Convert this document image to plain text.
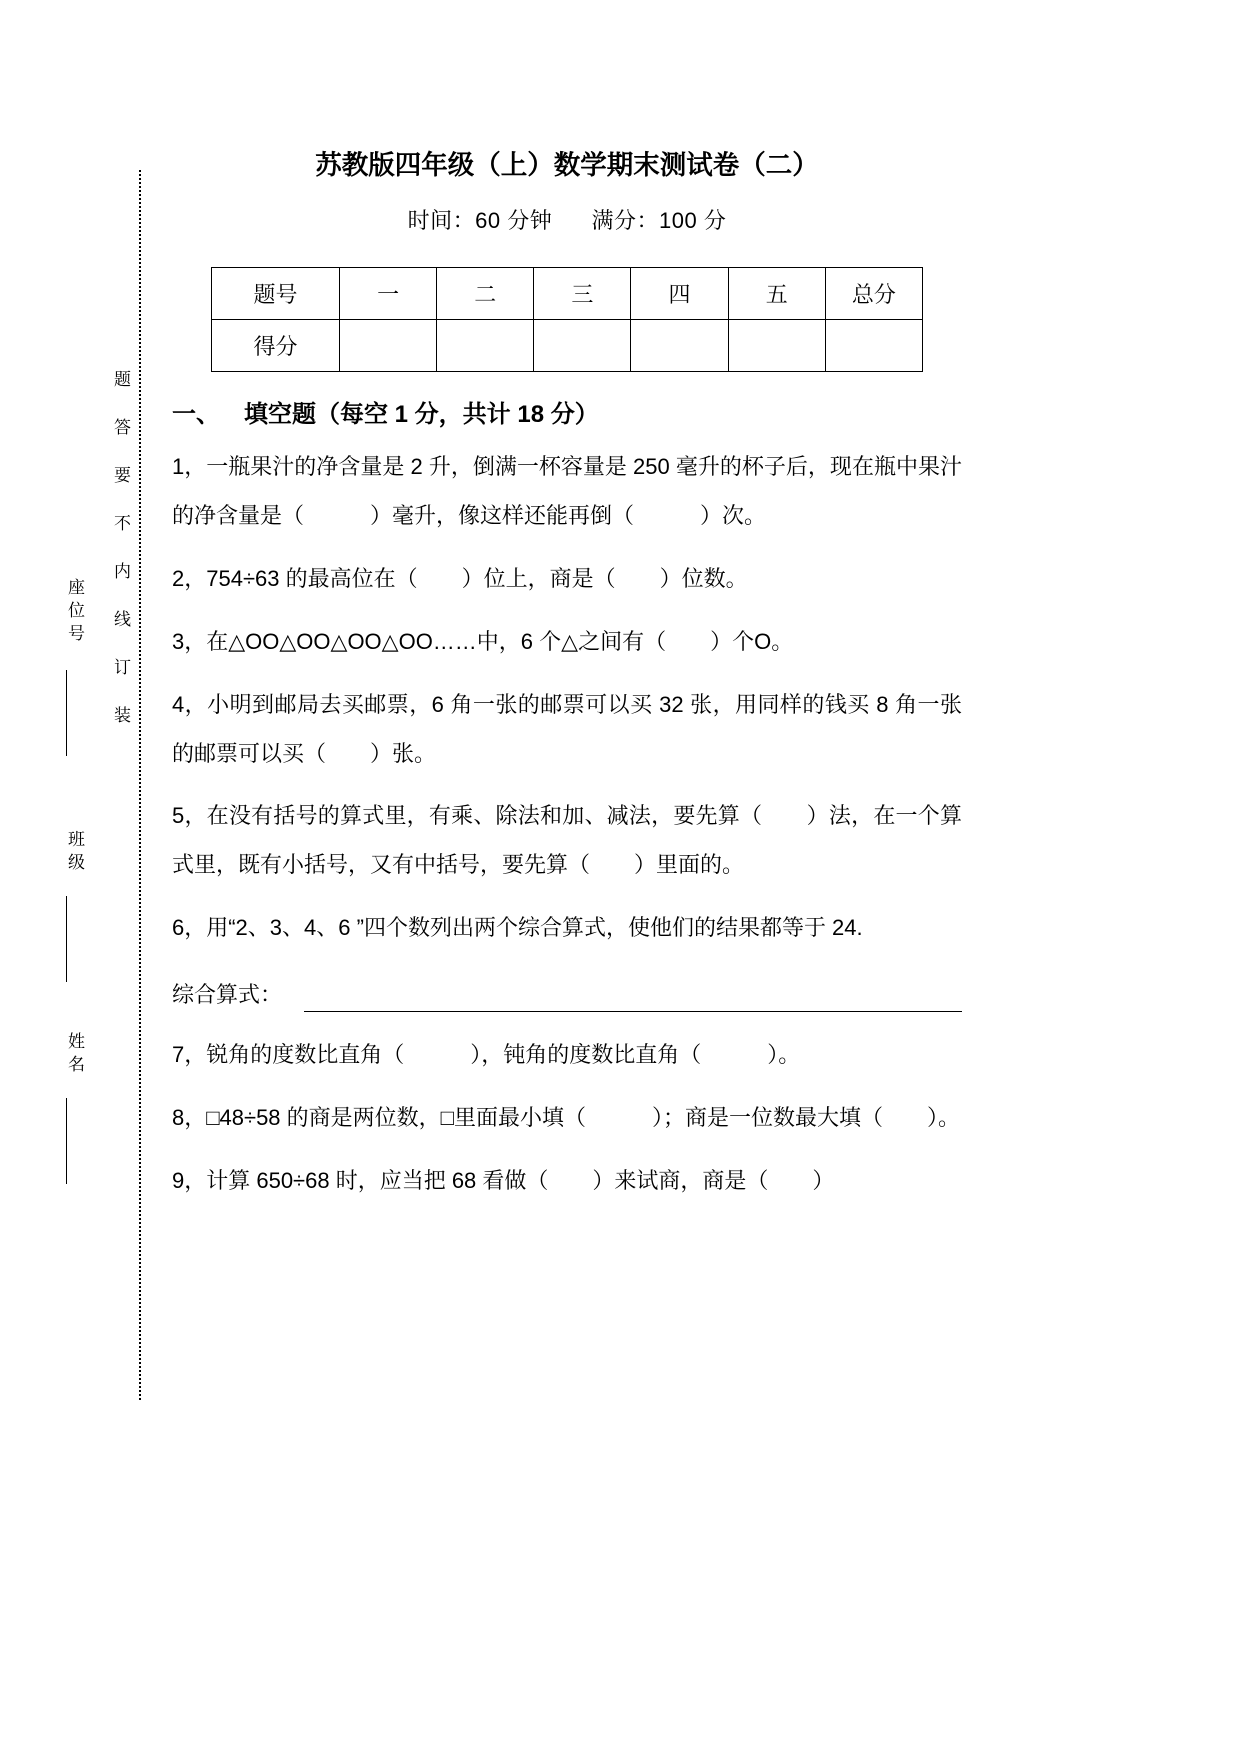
题 答 要 不 内 线 订 装
座位号
班级
姓名
苏教版四年级（上）数学期末测试卷（二）
时间：60 分钟 满分：100 分
题号	一	二	三	四	五	总分
得分						
一、 填空题（每空 1 分，共计 18 分）

1，一瓶果汁的净含量是 2 升，倒满一杯容量是 250 毫升的杯子后，现在瓶中果汁的净含量是（　　　）毫升，像这样还能再倒（　　　）次。

2，754÷63 的最高位在（　　）位上，商是（　　）位数。

3，在△OO△OO△OO△OO……中，6 个△之间有（　　）个O。

4，小明到邮局去买邮票，6 角一张的邮票可以买 32 张，用同样的钱买 8 角一张的邮票可以买（　　）张。

5，在没有括号的算式里，有乘、除法和加、减法，要先算（　　）法，在一个算式里，既有小括号，又有中括号，要先算（　　）里面的。

6，用“2、3、4、6 ”四个数列出两个综合算式，使他们的结果都等于 24.

综合算式：

7，锐角的度数比直角（　　　），钝角的度数比直角（　　　）。

8，□48÷58 的商是两位数，□里面最小填（　　　）；商是一位数最大填（　　）。

9，计算 650÷68 时，应当把 68 看做（　　）来试商，商是（　　）
